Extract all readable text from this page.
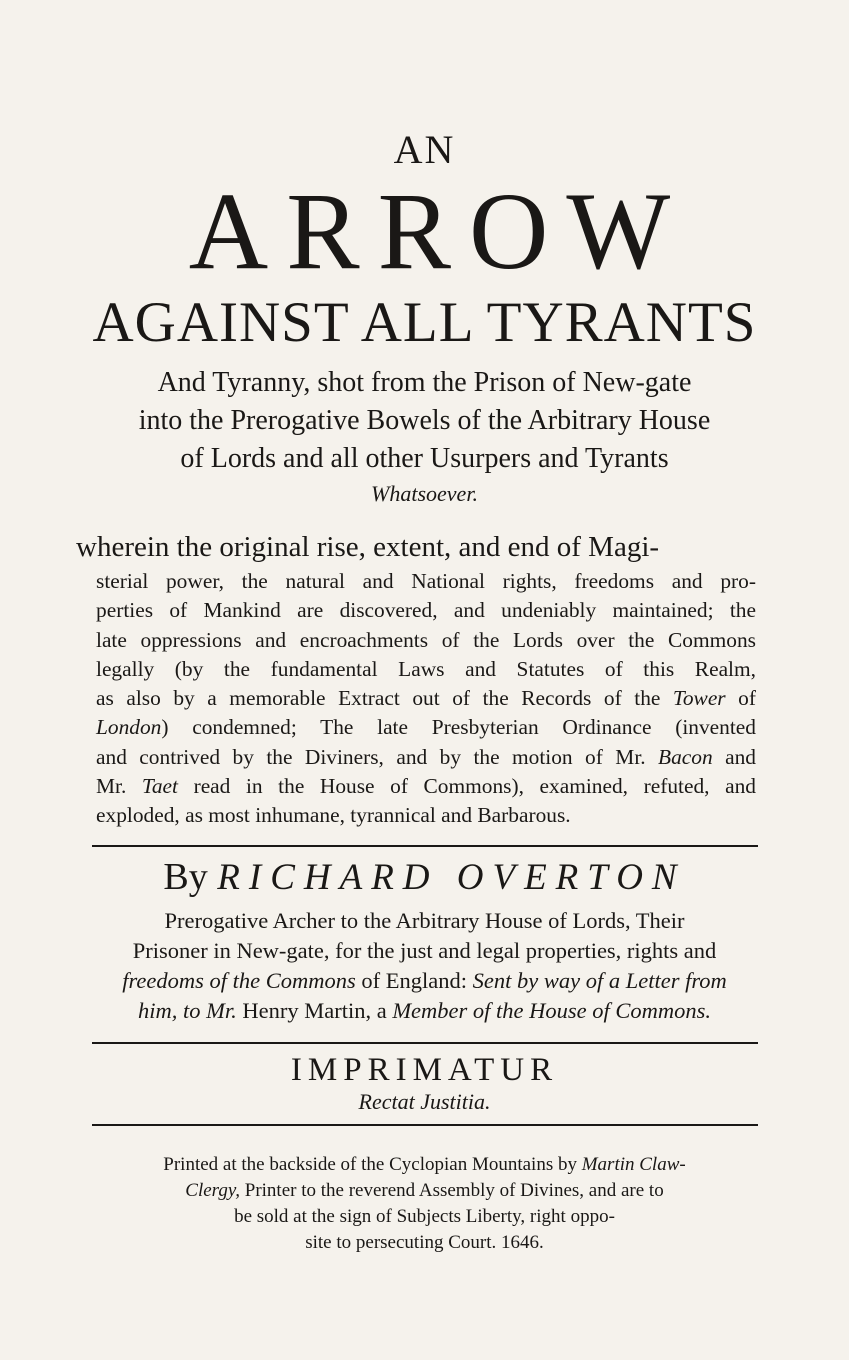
AN
ARROW
AGAINST ALL TYRANTS
And Tyranny, shot from the Prison of New-gate
into the Prerogative Bowels of the Arbitrary House
of Lords and all other Usurpers and Tyrants
Whatsoever.
wherein the original rise, extent, and end of Magi-
sterial power, the natural and National rights, freedoms and pro-
perties of Mankind are discovered, and undeniably maintained; the
late oppressions and encroachments of the Lords over the Commons
legally (by the fundamental Laws and Statutes of this Realm,
as also by a memorable Extract out of the Records of the Tower of
London) condemned; The late Presbyterian Ordinance (invented
and contrived by the Diviners, and by the motion of Mr. Bacon and
Mr. Taet read in the House of Commons), examined, refuted, and
exploded, as most inhumane, tyrannical and Barbarous.
By RICHARD OVERTON
Prerogative Archer to the Arbitrary House of Lords, Their
Prisoner in New-gate, for the just and legal properties, rights and
freedoms of the Commons of England: Sent by way of a Letter from
him, to Mr. Henry Martin, a Member of the House of Commons.
IMPRIMATUR
Rectat Justitia.
Printed at the backside of the Cyclopian Mountains by Martin Claw-
Clergy, Printer to the reverend Assembly of Divines, and are to
be sold at the sign of Subjects Liberty, right oppo-
site to persecuting Court. 1646.
